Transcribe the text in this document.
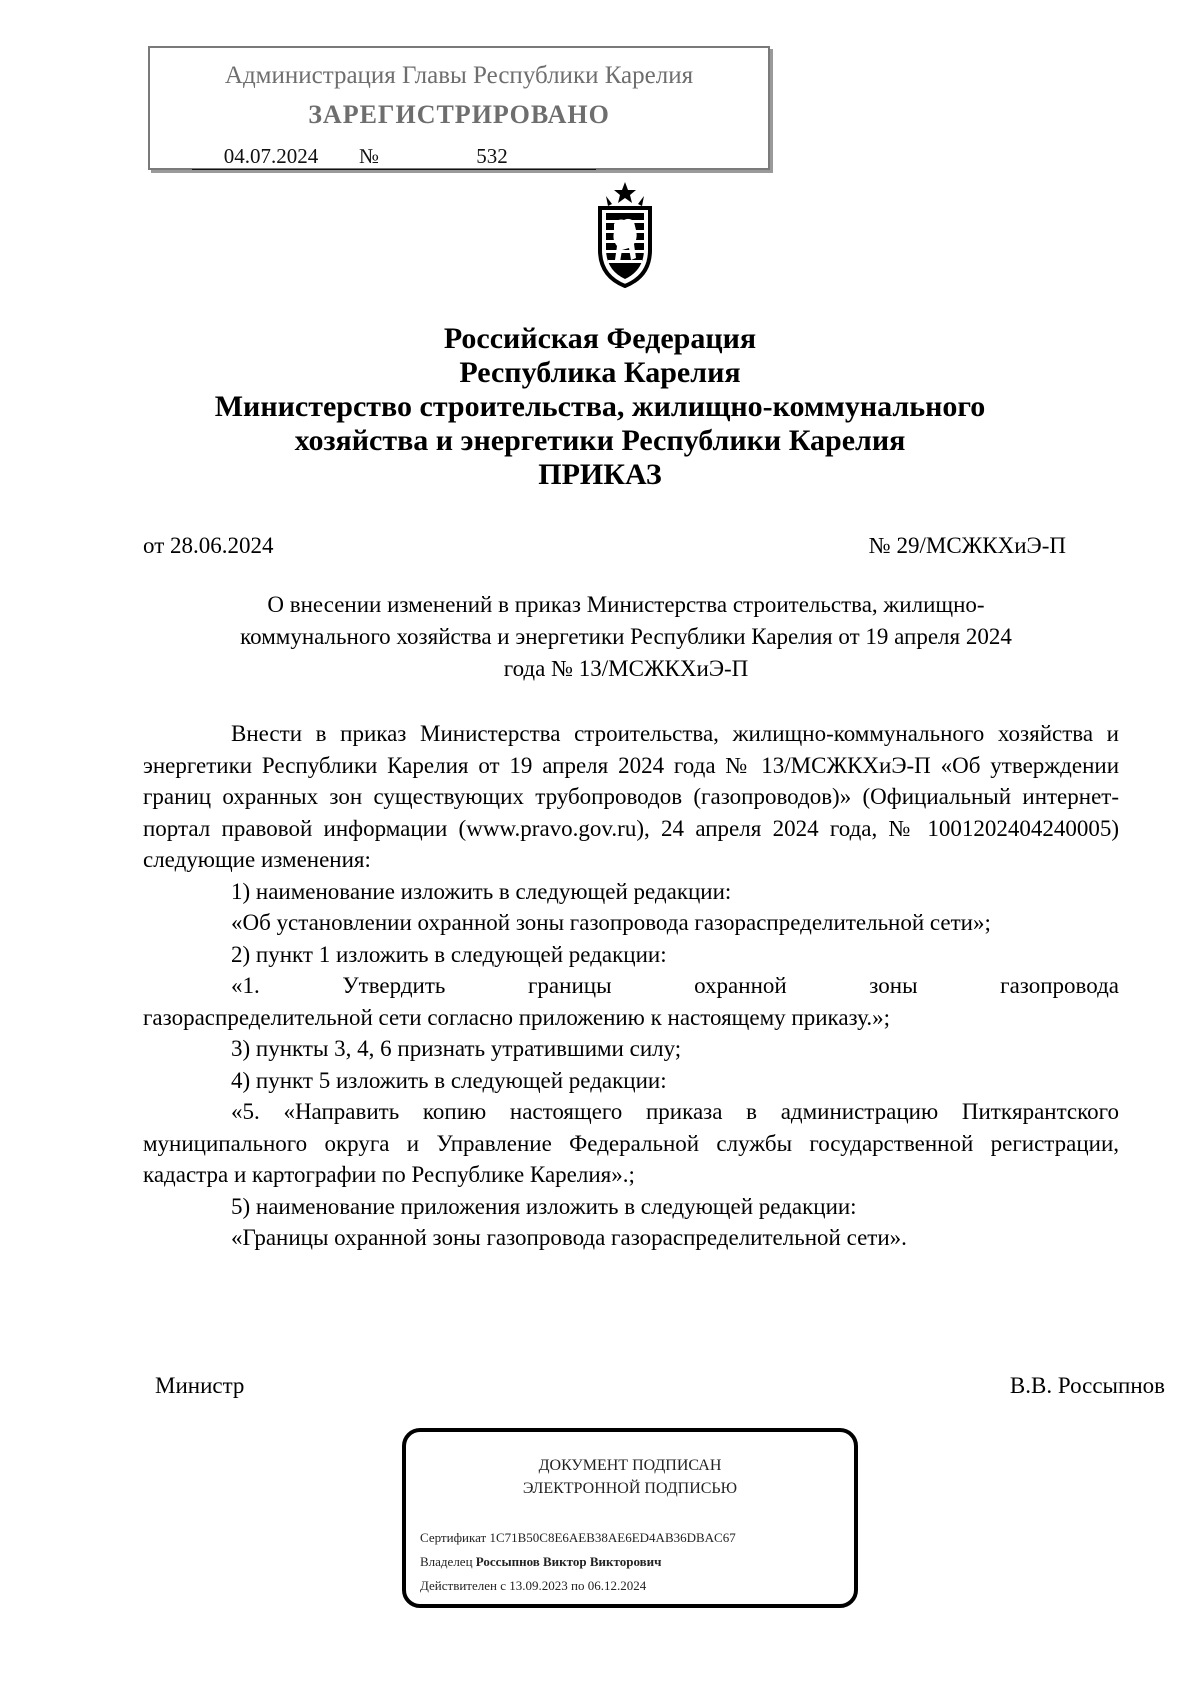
Администрация Главы Республики Карелия
ЗАРЕГИСТРИРОВАНО
04.07.2024 №	532
Российская Федерация
Республика Карелия
Министерство строительства, жилищно-коммунального
хозяйства и энергетики Республики Карелия
ПРИКАЗ
от 28.06.2024	№ 29/МСЖКХиЭ-П
О внесении изменений в приказ Министерства строительства, жилищно-
коммунального хозяйства и энергетики Республики Карелия от 19 апреля 2024
года № 13/МСЖКХиЭ-П

Внести в приказ Министерства строительства, жилищно-коммунального хозяйства и энергетики Республики Карелия от 19 апреля 2024 года № 13/МСЖКХиЭ-П «Об утверждении границ охранных зон существующих трубопроводов (газопроводов)» (Официальный интернет-портал правовой информации (www.pravo.gov.ru), 24 апреля 2024 года, № 1001202404240005) следующие изменения:

1) наименование изложить в следующей редакции:

«Об установлении охранной зоны газопровода газораспределительной сети»;

2) пункт 1 изложить в следующей редакции:

«1. Утвердить границы охранной зоны газопровода

газораспределительной сети согласно приложению к настоящему приказу.»;

3) пункты 3, 4, 6 признать утратившими силу;

4) пункт 5 изложить в следующей редакции:

«5. «Направить копию настоящего приказа в администрацию Питкярантского муниципального округа и Управление Федеральной службы государственной регистрации, кадастра и картографии по Республике Карелия».;

5) наименование приложения изложить в следующей редакции:

«Границы охранной зоны газопровода газораспределительной сети».

Министр	В.В. Россыпнов
ДОКУМЕНТ ПОДПИСАН
ЭЛЕКТРОННОЙ ПОДПИСЬЮ
Сертификат 1C71B50C8E6AEB38AE6ED4AB36DBAC67
Владелец Россыпнов Виктор Викторович
Действителен с 13.09.2023 по 06.12.2024
